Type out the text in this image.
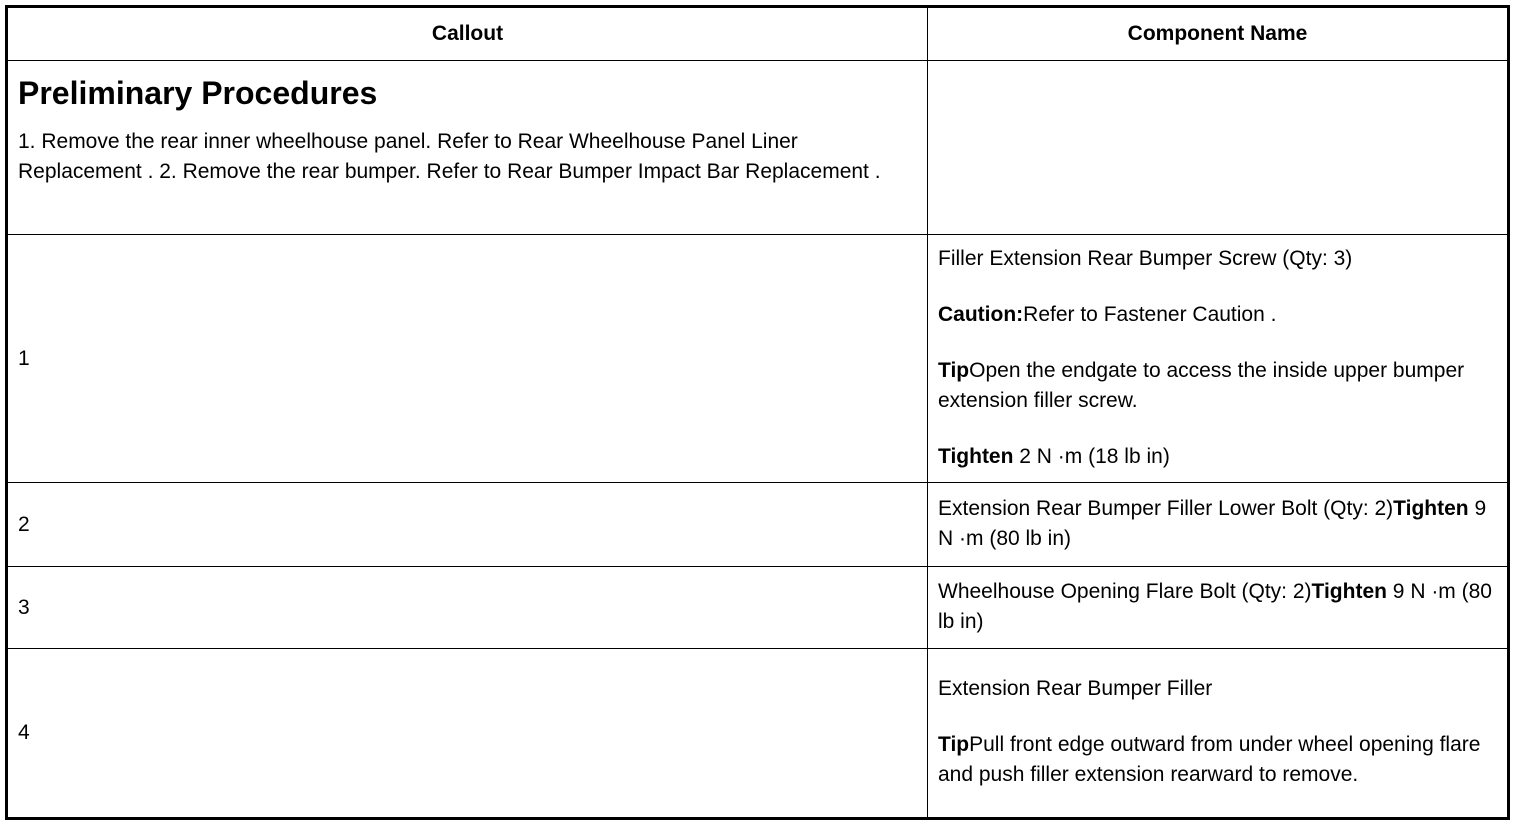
Callout	Component Name

Preliminary Procedures

1. Remove the rear inner wheelhouse panel. Refer to Rear Wheelhouse Panel Liner Replacement . 2. Remove the rear bumper. Refer to Rear Bumper Impact Bar Replacement .	

1	Filler Extension Rear Bumper Screw (Qty: 3)

Caution:Refer to Fastener Caution .

TipOpen the endgate to access the inside upper bumper extension filler screw.

Tighten 2 N ·m (18 lb in)

2	Extension Rear Bumper Filler Lower Bolt (Qty: 2)Tighten 9 N ·m (80 lb in)

3	Wheelhouse Opening Flare Bolt (Qty: 2)Tighten 9 N ·m (80 lb in)

4	Extension Rear Bumper Filler

TipPull front edge outward from under wheel opening flare and push filler extension rearward to remove.
